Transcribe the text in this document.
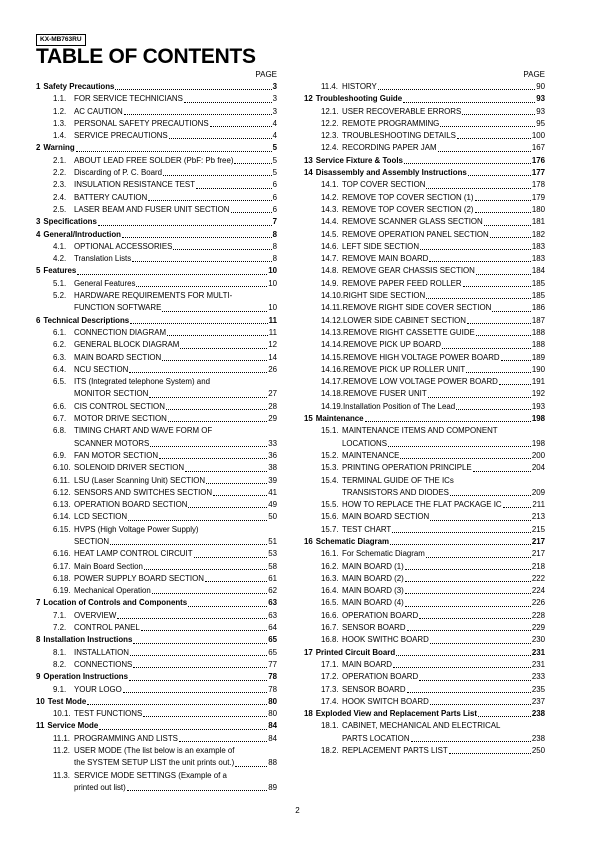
KX-MB763RU
TABLE OF CONTENTS
PAGE
1 Safety Precautions	3
1.1. FOR SERVICE TECHNICIANS	3
1.2. AC CAUTION	3
1.3. PERSONAL SAFETY PRECAUTIONS	4
1.4. SERVICE PRECAUTIONS	4
2 Warning	5
2.1. ABOUT LEAD FREE SOLDER (PbF: Pb free)	5
2.2. Discarding of P. C. Board	5
2.3. INSULATION RESISTANCE TEST	6
2.4. BATTERY CAUTION	6
2.5. LASER BEAM AND FUSER UNIT SECTION	6
3 Specifications	7
4 General/Introduction	8
4.1. OPTIONAL ACCESSORIES	8
4.2. Translation Lists	8
5 Features	10
5.1. General Features	10
5.2. HARDWARE REQUIREMENTS FOR MULTI-
FUNCTION SOFTWARE	10
6 Technical Descriptions	11
6.1. CONNECTION DIAGRAM	11
6.2. GENERAL BLOCK DIAGRAM	12
6.3. MAIN BOARD SECTION	14
6.4. NCU SECTION	26
6.5. ITS (Integrated telephone System) and
MONITOR SECTION	27
6.6. CIS CONTROL SECTION	28
6.7. MOTOR DRIVE SECTION	29
6.8. TIMING CHART AND WAVE FORM OF
SCANNER MOTORS	33
6.9. FAN MOTOR SECTION	36
6.10. SOLENOID DRIVER SECTION	38
6.11. LSU (Laser Scanning Unit) SECTION	39
6.12. SENSORS AND SWITCHES SECTION	41
6.13. OPERATION BOARD SECTION	49
6.14. LCD SECTION	50
6.15. HVPS (High Voltage Power Supply)
SECTION	51
6.16. HEAT LAMP CONTROL CIRCUIT	53
6.17. Main Board Section	58
6.18. POWER SUPPLY BOARD SECTION	61
6.19. Mechanical Operation	62
7 Location of Controls and Components	63
7.1. OVERVIEW	63
7.2. CONTROL PANEL	64
8 Installation Instructions	65
8.1. INSTALLATION	65
8.2. CONNECTIONS	77
9 Operation Instructions	78
9.1. YOUR LOGO	78
10 Test Mode	80
10.1. TEST FUNCTIONS	80
11 Service Mode	84
11.1. PROGRAMMING AND LISTS	84
11.2. USER MODE (The list below is an example of
the SYSTEM SETUP LIST the unit prints out.)	88
11.3. SERVICE MODE SETTINGS (Example of a
printed out list)	89
PAGE
11.4. HISTORY	90
12 Troubleshooting Guide	93
12.1. USER RECOVERABLE ERRORS	93
12.2. REMOTE PROGRAMMING	95
12.3. TROUBLESHOOTING DETAILS	100
12.4. RECORDING PAPER JAM	167
13 Service Fixture & Tools	176
14 Disassembly and Assembly Instructions	177
14.1. TOP COVER SECTION	178
14.2. REMOVE TOP COVER SECTION (1)	179
14.3. REMOVE TOP COVER SECTION (2)	180
14.4. REMOVE SCANNER GLASS SECTION	181
14.5. REMOVE OPERATION PANEL SECTION	182
14.6. LEFT SIDE SECTION	183
14.7. REMOVE MAIN BOARD	183
14.8. REMOVE GEAR CHASSIS SECTION	184
14.9. REMOVE PAPER FEED ROLLER	185
14.10.RIGHT SIDE SECTION	185
14.11.REMOVE RIGHT SIDE COVER SECTION	186
14.12.LOWER SIDE CABINET SECTION	187
14.13.REMOVE RIGHT CASSETTE GUIDE	188
14.14.REMOVE PICK UP BOARD	188
14.15.REMOVE HIGH VOLTAGE POWER BOARD	189
14.16.REMOVE PICK UP ROLLER UNIT	190
14.17.REMOVE LOW VOLTAGE POWER BOARD	191
14.18.REMOVE FUSER UNIT	192
14.19.Installation Position of The Lead	193
15 Maintenance	198
15.1. MAINTENANCE ITEMS AND COMPONENT
LOCATIONS	198
15.2. MAINTENANCE	200
15.3. PRINTING OPERATION PRINCIPLE	204
15.4. TERMINAL GUIDE OF THE ICs
TRANSISTORS AND DIODES	209
15.5. HOW TO REPLACE THE FLAT PACKAGE IC	211
15.6. MAIN BOARD SECTION	213
15.7. TEST CHART	215
16 Schematic Diagram	217
16.1. For Schematic Diagram	217
16.2. MAIN BOARD (1)	218
16.3. MAIN BOARD (2)	222
16.4. MAIN BOARD (3)	224
16.5. MAIN BOARD (4)	226
16.6. OPERATION BOARD	228
16.7. SENSOR BOARD	229
16.8. HOOK SWITHC BOARD	230
17 Printed Circuit Board	231
17.1. MAIN BOARD	231
17.2. OPERATION BOARD	233
17.3. SENSOR BOARD	235
17.4. HOOK SWITCH BOARD	237
18 Exploded View and Replacement Parts List	238
18.1. CABINET, MECHANICAL AND ELECTRICAL
PARTS LOCATION	238
18.2. REPLACEMENT PARTS LIST	250
2
